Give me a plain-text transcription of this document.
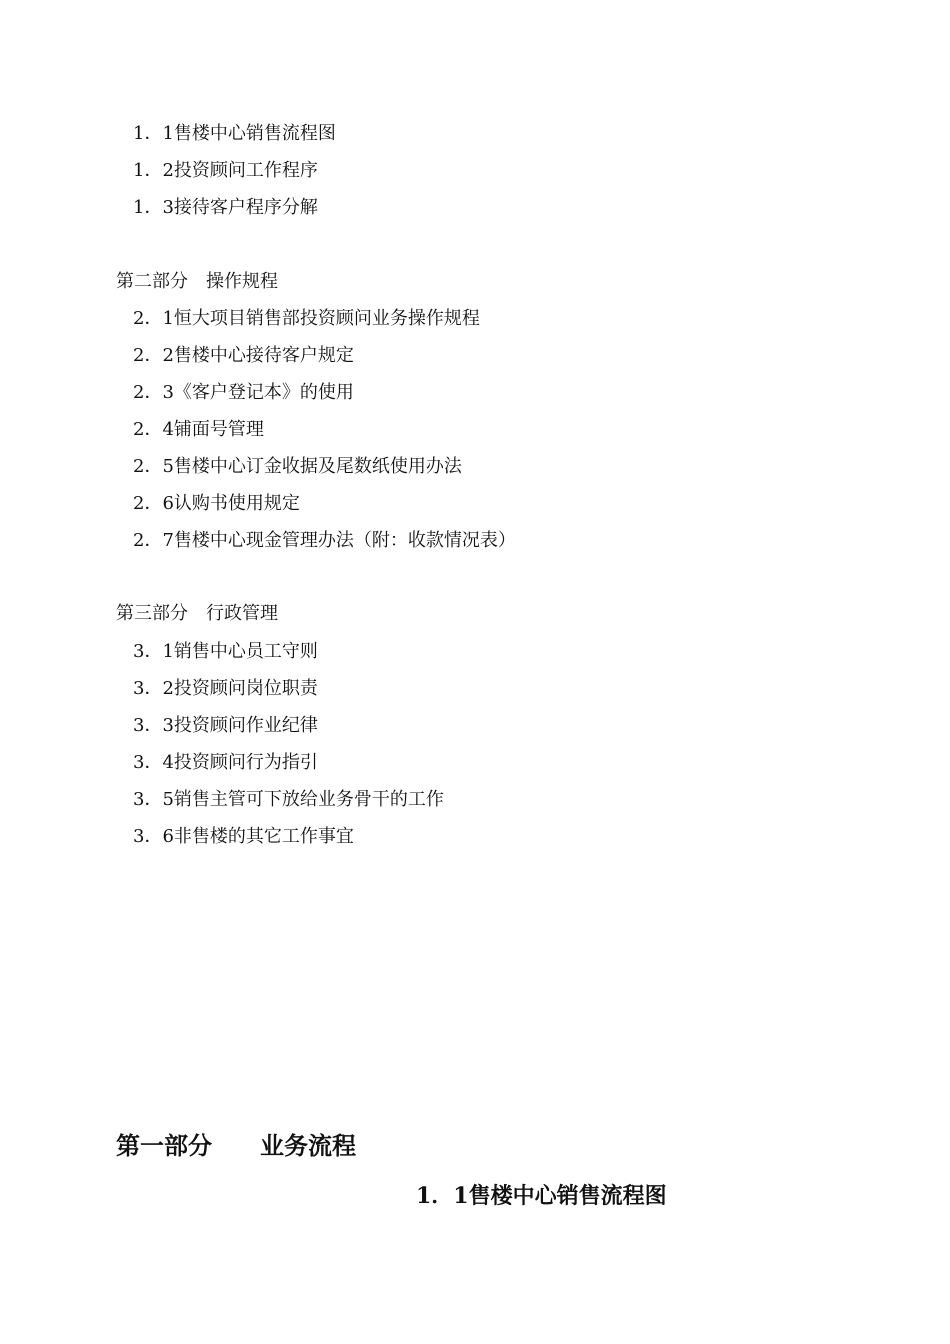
1．1售楼中心销售流程图
1．2投资顾问工作程序
1．3接待客户程序分解
第二部分　操作规程
2．1恒大项目销售部投资顾问业务操作规程
2．2售楼中心接待客户规定
2．3《客户登记本》的使用
2．4铺面号管理
2．5售楼中心订金收据及尾数纸使用办法
2．6认购书使用规定
2．7售楼中心现金管理办法（附：收款情况表）
第三部分　行政管理
3．1销售中心员工守则
3．2投资顾问岗位职责
3．3投资顾问作业纪律
3．4投资顾问行为指引
3．5销售主管可下放给业务骨干的工作
3．6非售楼的其它工作事宜
第一部分　　业务流程
1．1售楼中心销售流程图
